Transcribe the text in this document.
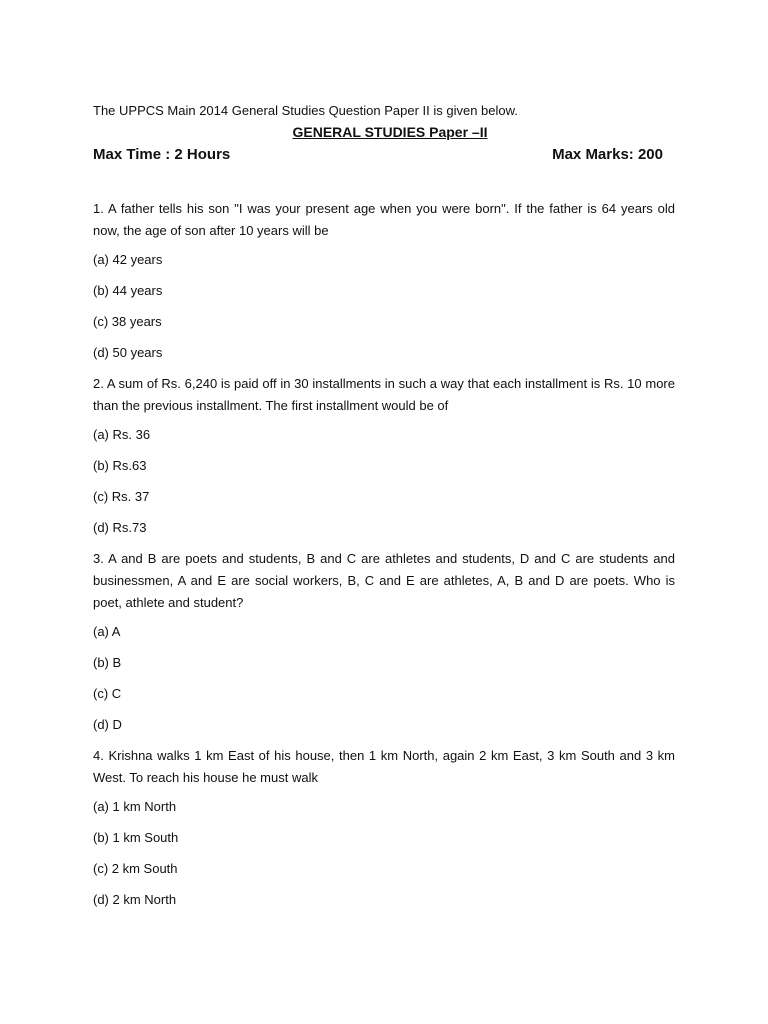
The UPPCS Main 2014 General Studies Question Paper II is given below.
GENERAL STUDIES Paper –II
Max Time : 2 Hours	Max Marks: 200

1. A father tells his son "I was your present age when you were born". If the father is 64 years old now, the age of son after 10 years will be

(a) 42 years
(b) 44 years
(c) 38 years
(d) 50 years

2. A sum of Rs. 6,240 is paid off in 30 installments in such a way that each installment is Rs. 10 more than the previous installment. The first installment would be of

(a) Rs. 36
(b) Rs.63
(c) Rs. 37
(d) Rs.73

3. A and B are poets and students, B and C are athletes and students, D and C are students and businessmen, A and E are social workers, B, C and E are athletes, A, B and D are poets. Who is poet, athlete and student?

(a) A
(b) B
(c) C
(d) D

4. Krishna walks 1 km East of his house, then 1 km North, again 2 km East, 3 km South and 3 km West. To reach his house he must walk

(a) 1 km North
(b) 1 km South
(c) 2 km South
(d) 2 km North
